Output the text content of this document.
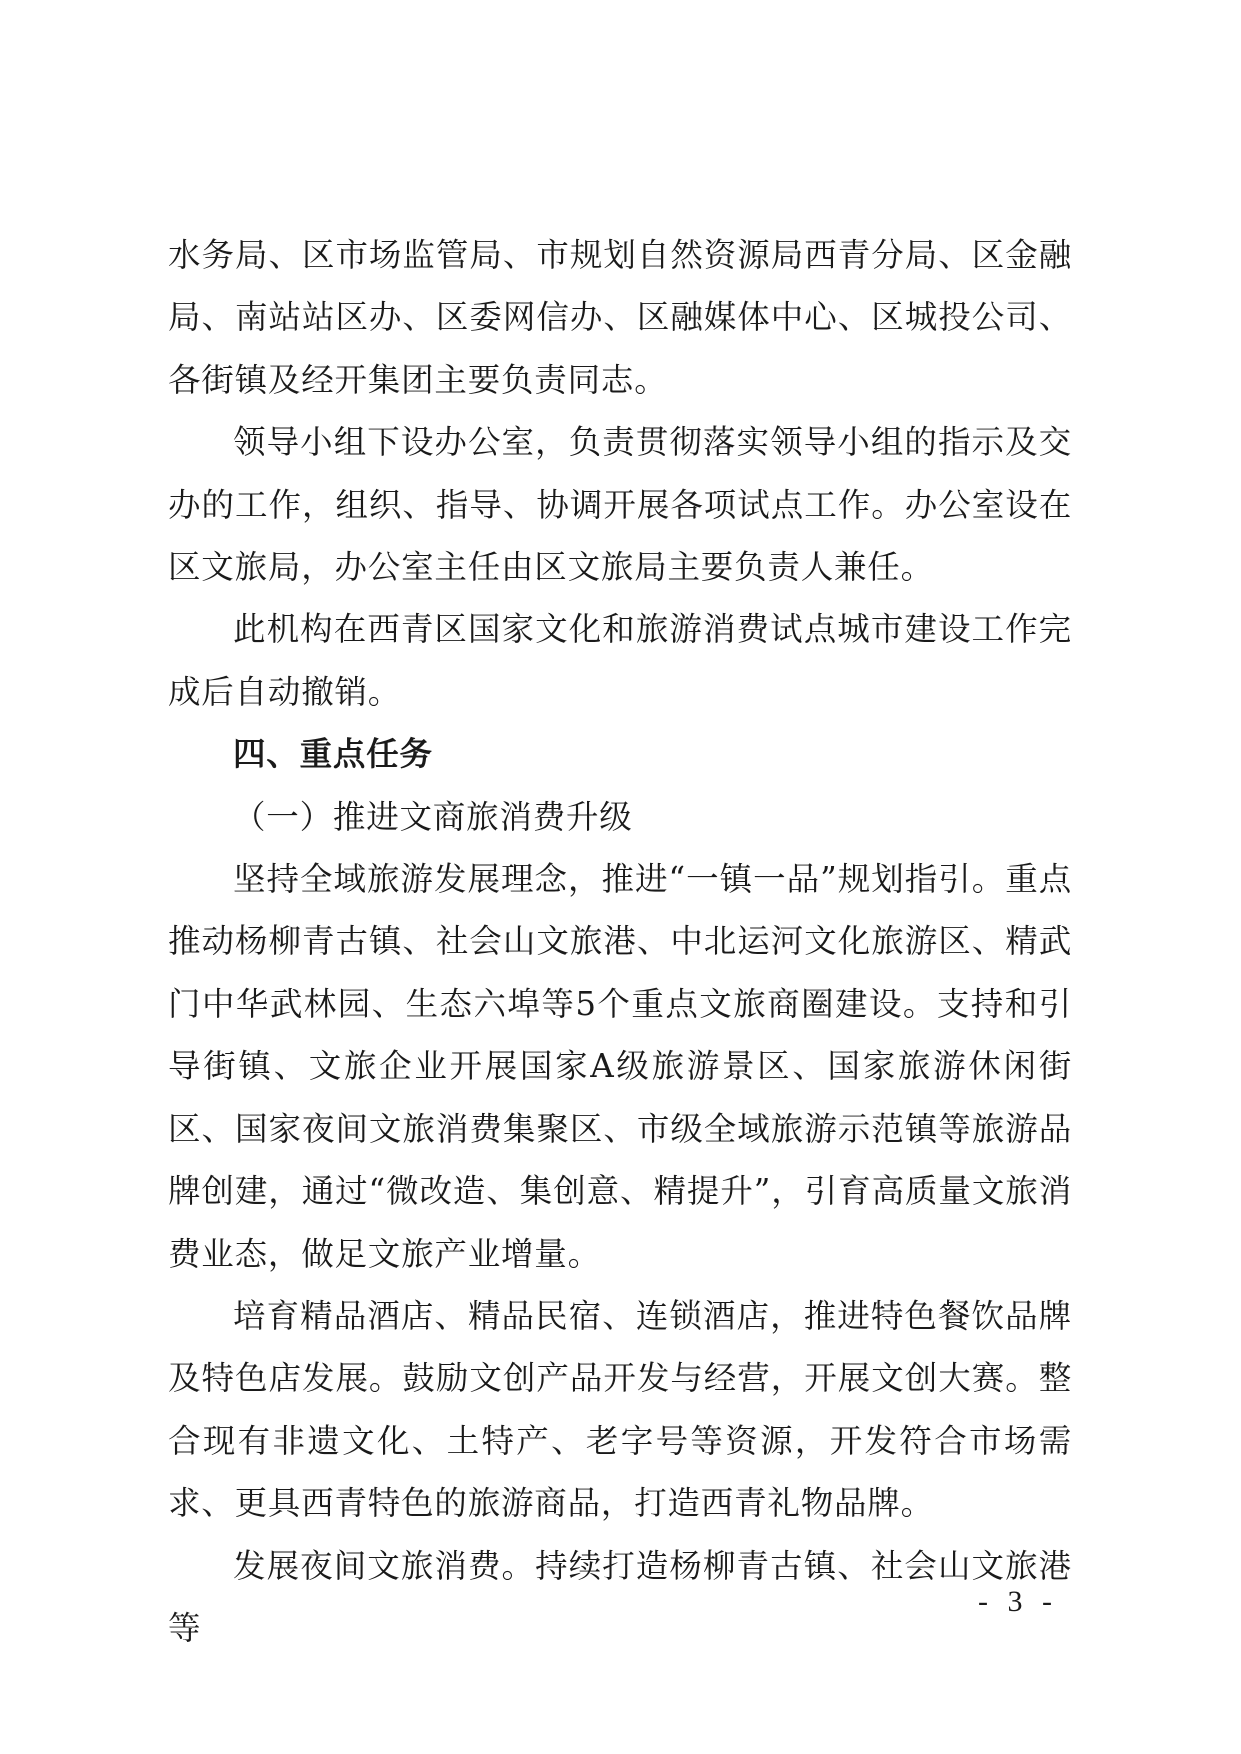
水务局、区市场监管局、市规划自然资源局西青分局、区金融局、南站站区办、区委网信办、区融媒体中心、区城投公司、各街镇及经开集团主要负责同志。

领导小组下设办公室，负责贯彻落实领导小组的指示及交办的工作，组织、指导、协调开展各项试点工作。办公室设在区文旅局，办公室主任由区文旅局主要负责人兼任。

此机构在西青区国家文化和旅游消费试点城市建设工作完成后自动撤销。

四、重点任务

（一）推进文商旅消费升级

坚持全域旅游发展理念，推进“一镇一品”规划指引。重点推动杨柳青古镇、社会山文旅港、中北运河文化旅游区、精武门中华武林园、生态六埠等5个重点文旅商圈建设。支持和引导街镇、文旅企业开展国家A级旅游景区、国家旅游休闲街区、国家夜间文旅消费集聚区、市级全域旅游示范镇等旅游品牌创建，通过“微改造、集创意、精提升”，引育高质量文旅消费业态，做足文旅产业增量。

培育精品酒店、精品民宿、连锁酒店，推进特色餐饮品牌及特色店发展。鼓励文创产品开发与经营，开展文创大赛。整合现有非遗文化、土特产、老字号等资源，开发符合市场需求、更具西青特色的旅游商品，打造西青礼物品牌。

发展夜间文旅消费。持续打造杨柳青古镇、社会山文旅港等

- 3 -
